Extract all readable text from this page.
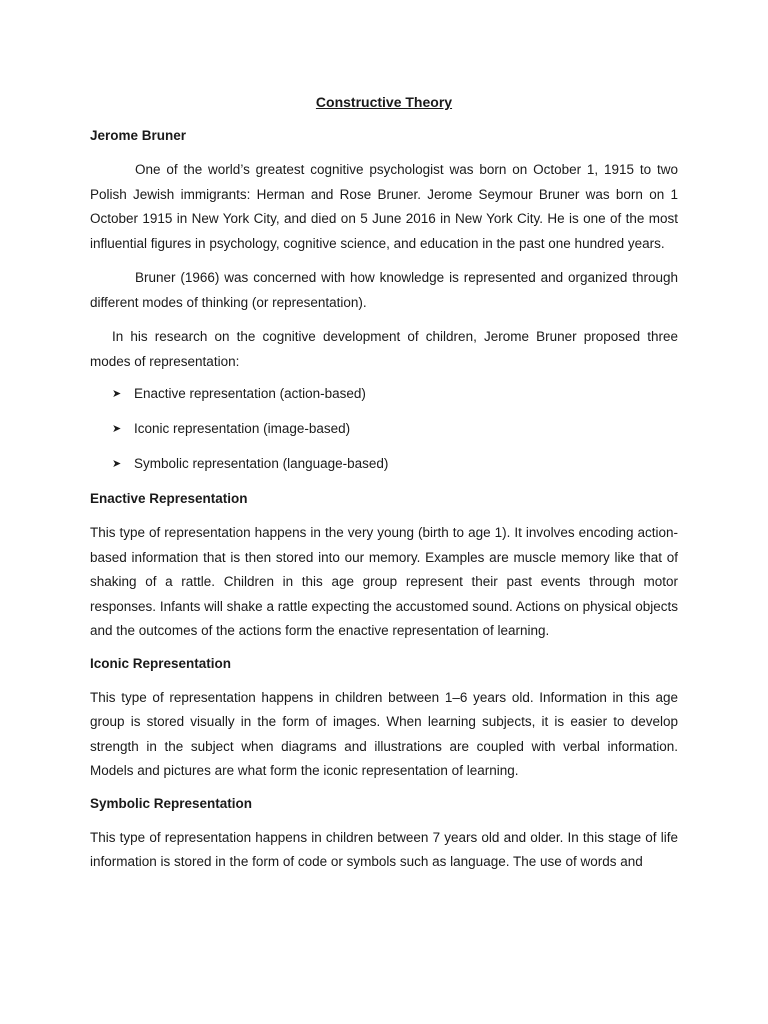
Constructive Theory
Jerome Bruner

One of the world’s greatest cognitive psychologist was born on October 1, 1915 to two Polish Jewish immigrants: Herman and Rose Bruner. Jerome Seymour Bruner was born on 1 October 1915 in New York City, and died on 5 June 2016 in New York City. He is one of the most influential figures in psychology, cognitive science, and education in the past one hundred years.

Bruner (1966) was concerned with how knowledge is represented and organized through different modes of thinking (or representation).

In his research on the cognitive development of children, Jerome Bruner proposed three modes of representation:

➤ Enactive representation (action-based)
➤ Iconic representation (image-based)
➤ Symbolic representation (language-based)
Enactive Representation

This type of representation happens in the very young (birth to age 1). It involves encoding action-based information that is then stored into our memory. Examples are muscle memory like that of shaking of a rattle. Children in this age group represent their past events through motor responses. Infants will shake a rattle expecting the accustomed sound. Actions on physical objects and the outcomes of the actions form the enactive representation of learning.

Iconic Representation

This type of representation happens in children between 1–6 years old. Information in this age group is stored visually in the form of images. When learning subjects, it is easier to develop strength in the subject when diagrams and illustrations are coupled with verbal information. Models and pictures are what form the iconic representation of learning.

Symbolic Representation

This type of representation happens in children between 7 years old and older. In this stage of life information is stored in the form of code or symbols such as language. The use of words and
